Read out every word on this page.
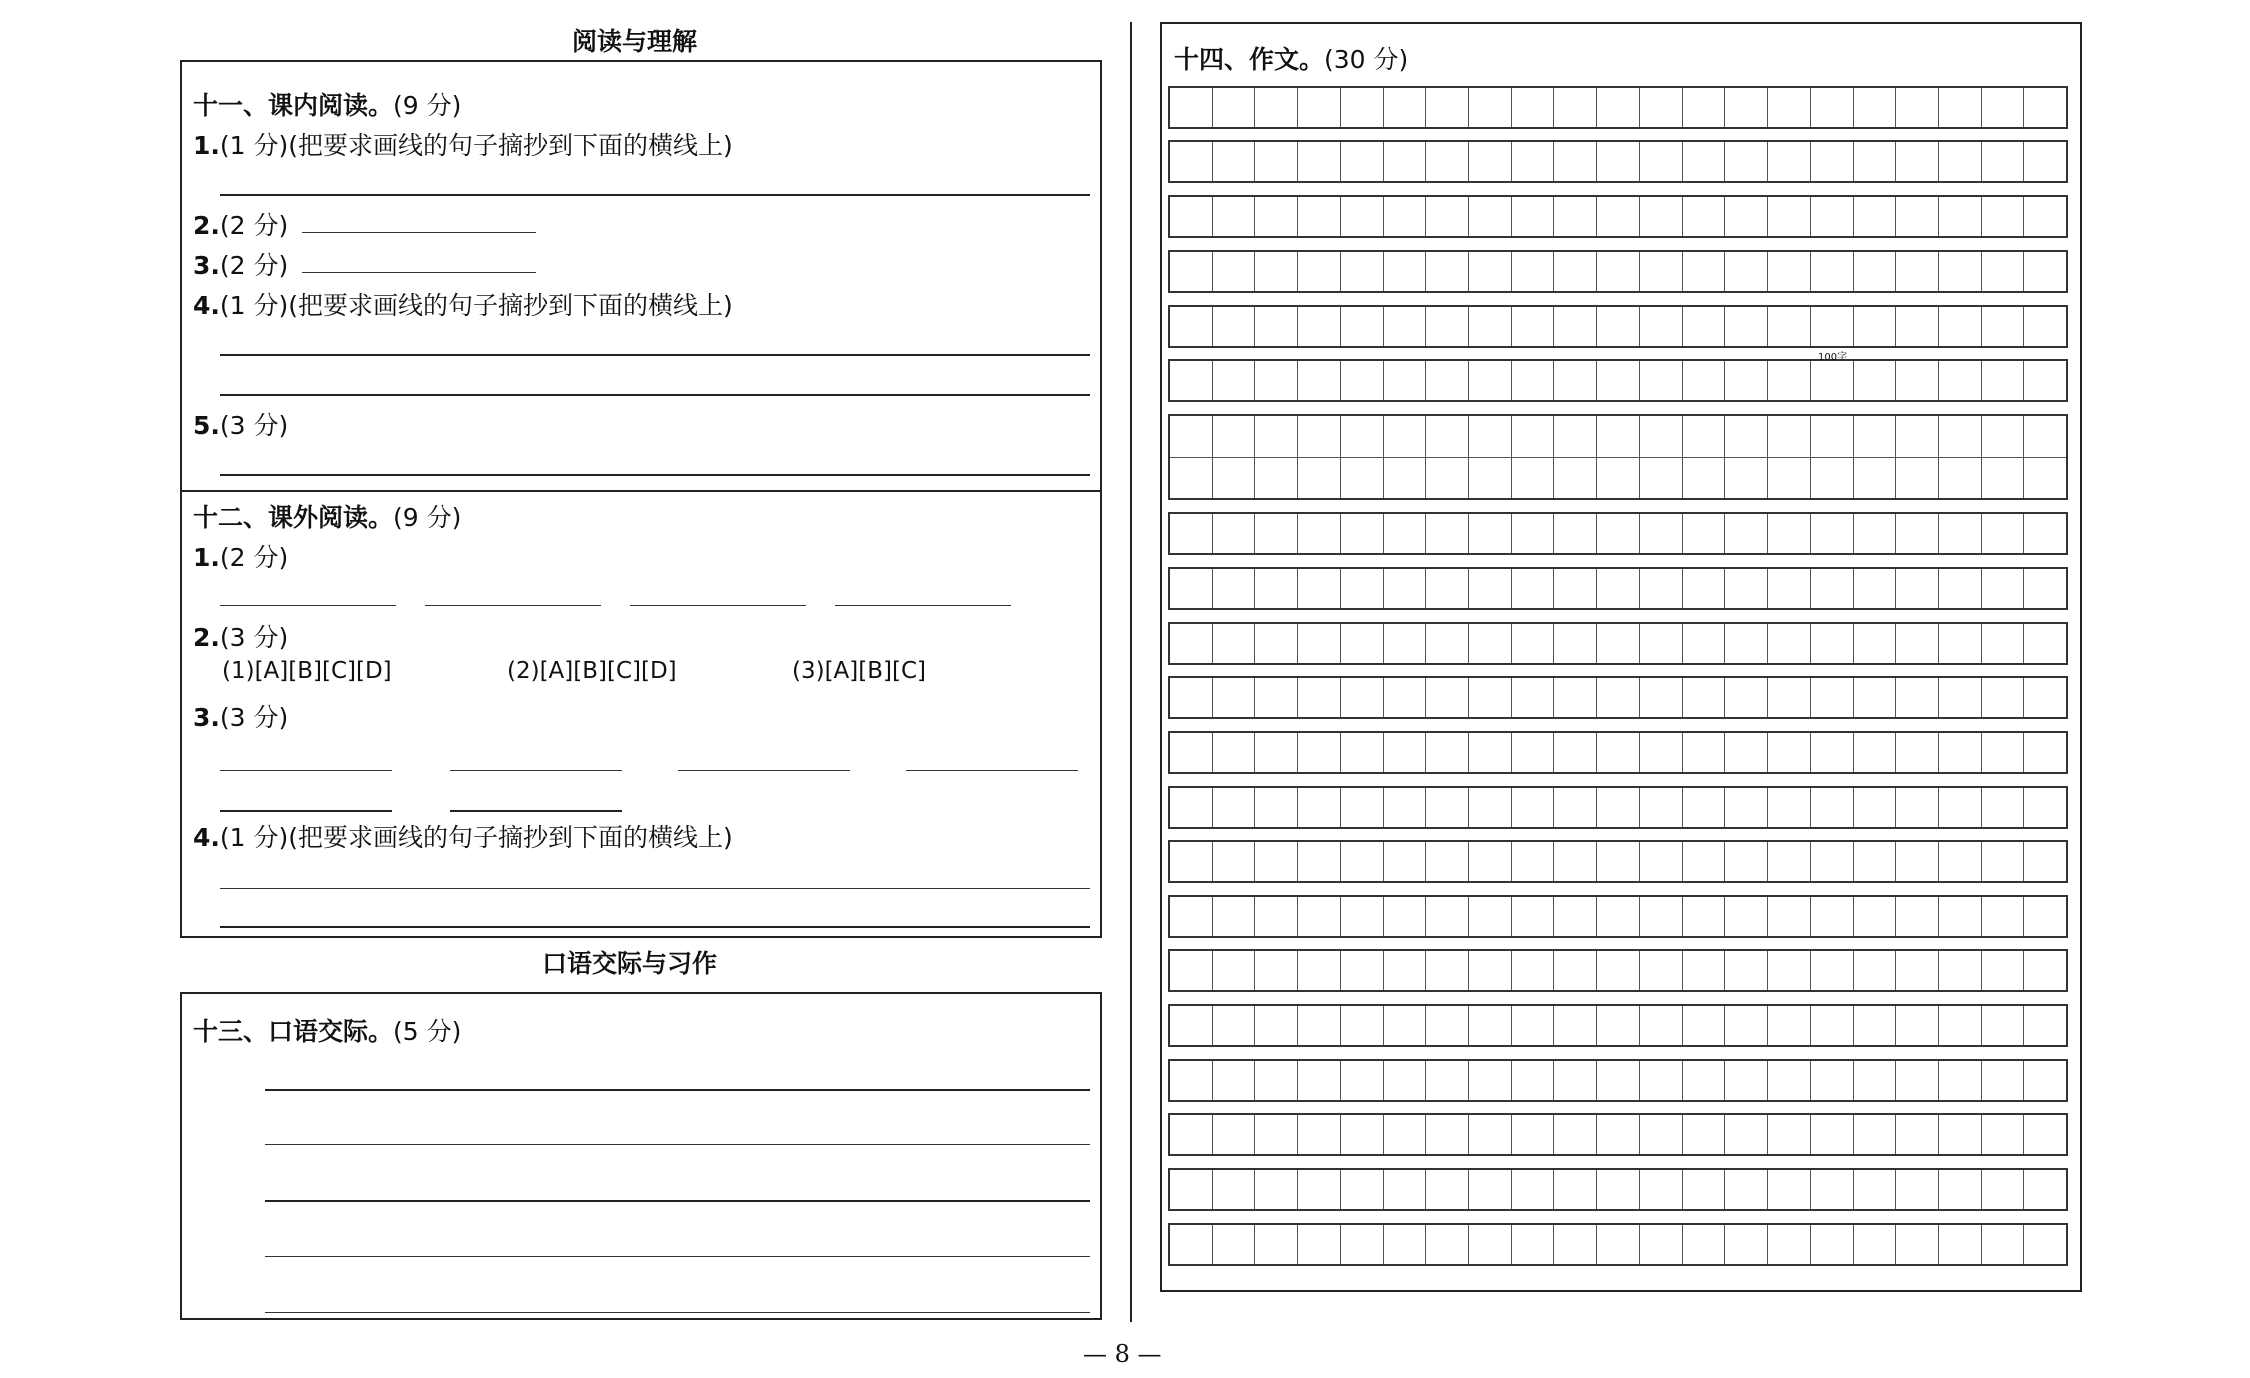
阅读与理解
十一、课内阅读。(9 分)
1.(1 分)(把要求画线的句子摘抄到下面的横线上)
2.(2 分)
3.(2 分)
4.(1 分)(把要求画线的句子摘抄到下面的横线上)
5.(3 分)
十二、课外阅读。(9 分)
1.(2 分)
2.(3 分)
(1)[A][B][C][D]	(2)[A][B][C][D]	(3)[A][B][C]
3.(3 分)
4.(1 分)(把要求画线的句子摘抄到下面的横线上)
口语交际与习作
十三、口语交际。(5 分)
十四、作文。(30 分)
100字
— 8 —
